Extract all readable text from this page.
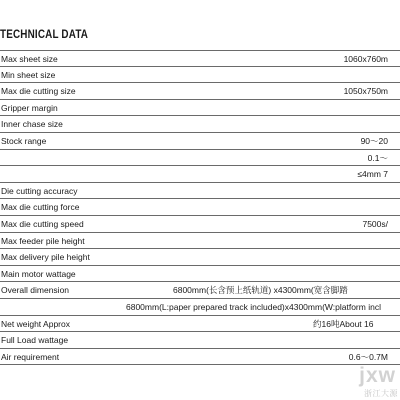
TECHNICAL DATA
Max sheet size	1060x760m
Min sheet size
Max die cutting size	1050x750m
Gripper margin
Inner chase size
Stock range	90～20
0.1～
≤4mm 7
Die cutting accuracy
Max die cutting force
Max die cutting speed	7500s/
Max feeder pile height
Max delivery pile height
Main motor wattage
Overall dimension	6800mm(长含预上纸轨道) x4300mm(宽含脚踏
6800mm(L:paper prepared track included)x4300mm(W:platform incl
Net weight Approx	约16吨About 16
Full Load wattage
Air requirement	0.6～0.7M
jxw
浙江大源
